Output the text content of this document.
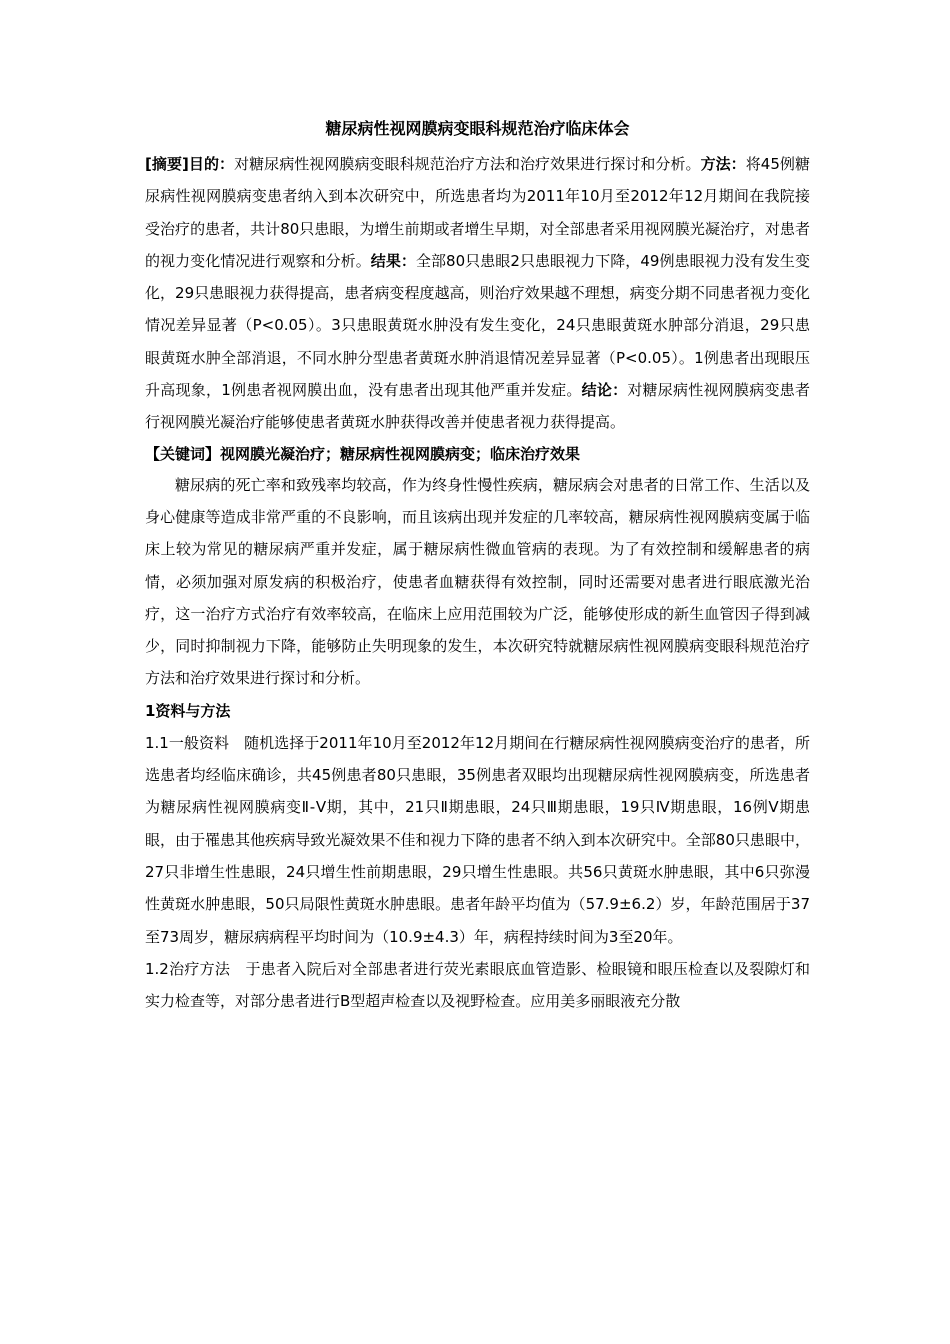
糖尿病性视网膜病变眼科规范治疗临床体会

[摘要]目的：对糖尿病性视网膜病变眼科规范治疗方法和治疗效果进行探讨和分析。方法：将45例糖尿病性视网膜病变患者纳入到本次研究中，所选患者均为2011年10月至2012年12月期间在我院接受治疗的患者，共计80只患眼，为增生前期或者增生早期，对全部患者采用视网膜光凝治疗，对患者的视力变化情况进行观察和分析。结果：全部80只患眼2只患眼视力下降，49例患眼视力没有发生变化，29只患眼视力获得提高，患者病变程度越高，则治疗效果越不理想，病变分期不同患者视力变化情况差异显著（P<0.05）。3只患眼黄斑水肿没有发生变化，24只患眼黄斑水肿部分消退，29只患眼黄斑水肿全部消退，不同水肿分型患者黄斑水肿消退情况差异显著（P<0.05）。1例患者出现眼压升高现象，1例患者视网膜出血，没有患者出现其他严重并发症。结论：对糖尿病性视网膜病变患者行视网膜光凝治疗能够使患者黄斑水肿获得改善并使患者视力获得提高。

【关键词】视网膜光凝治疗；糖尿病性视网膜病变；临床治疗效果

糖尿病的死亡率和致残率均较高，作为终身性慢性疾病，糖尿病会对患者的日常工作、生活以及身心健康等造成非常严重的不良影响，而且该病出现并发症的几率较高，糖尿病性视网膜病变属于临床上较为常见的糖尿病严重并发症，属于糖尿病性微血管病的表现。为了有效控制和缓解患者的病情，必须加强对原发病的积极治疗，使患者血糖获得有效控制，同时还需要对患者进行眼底激光治疗，这一治疗方式治疗有效率较高，在临床上应用范围较为广泛，能够使形成的新生血管因子得到减少，同时抑制视力下降，能够防止失明现象的发生，本次研究特就糖尿病性视网膜病变眼科规范治疗方法和治疗效果进行探讨和分析。

1资料与方法

1.1一般资料　随机选择于2011年10月至2012年12月期间在行糖尿病性视网膜病变治疗的患者，所选患者均经临床确诊，共45例患者80只患眼，35例患者双眼均出现糖尿病性视网膜病变，所选患者为糖尿病性视网膜病变Ⅱ-Ⅴ期，其中，21只Ⅱ期患眼，24只Ⅲ期患眼，19只Ⅳ期患眼，16例Ⅴ期患眼，由于罹患其他疾病导致光凝效果不佳和视力下降的患者不纳入到本次研究中。全部80只患眼中，27只非增生性患眼，24只增生性前期患眼，29只增生性患眼。共56只黄斑水肿患眼，其中6只弥漫性黄斑水肿患眼，50只局限性黄斑水肿患眼。患者年龄平均值为（57.9±6.2）岁，年龄范围居于37至73周岁，糖尿病病程平均时间为（10.9±4.3）年，病程持续时间为3至20年。

1.2治疗方法　于患者入院后对全部患者进行荧光素眼底血管造影、检眼镜和眼压检查以及裂隙灯和实力检查等，对部分患者进行B型超声检查以及视野检查。应用美多丽眼液充分散
